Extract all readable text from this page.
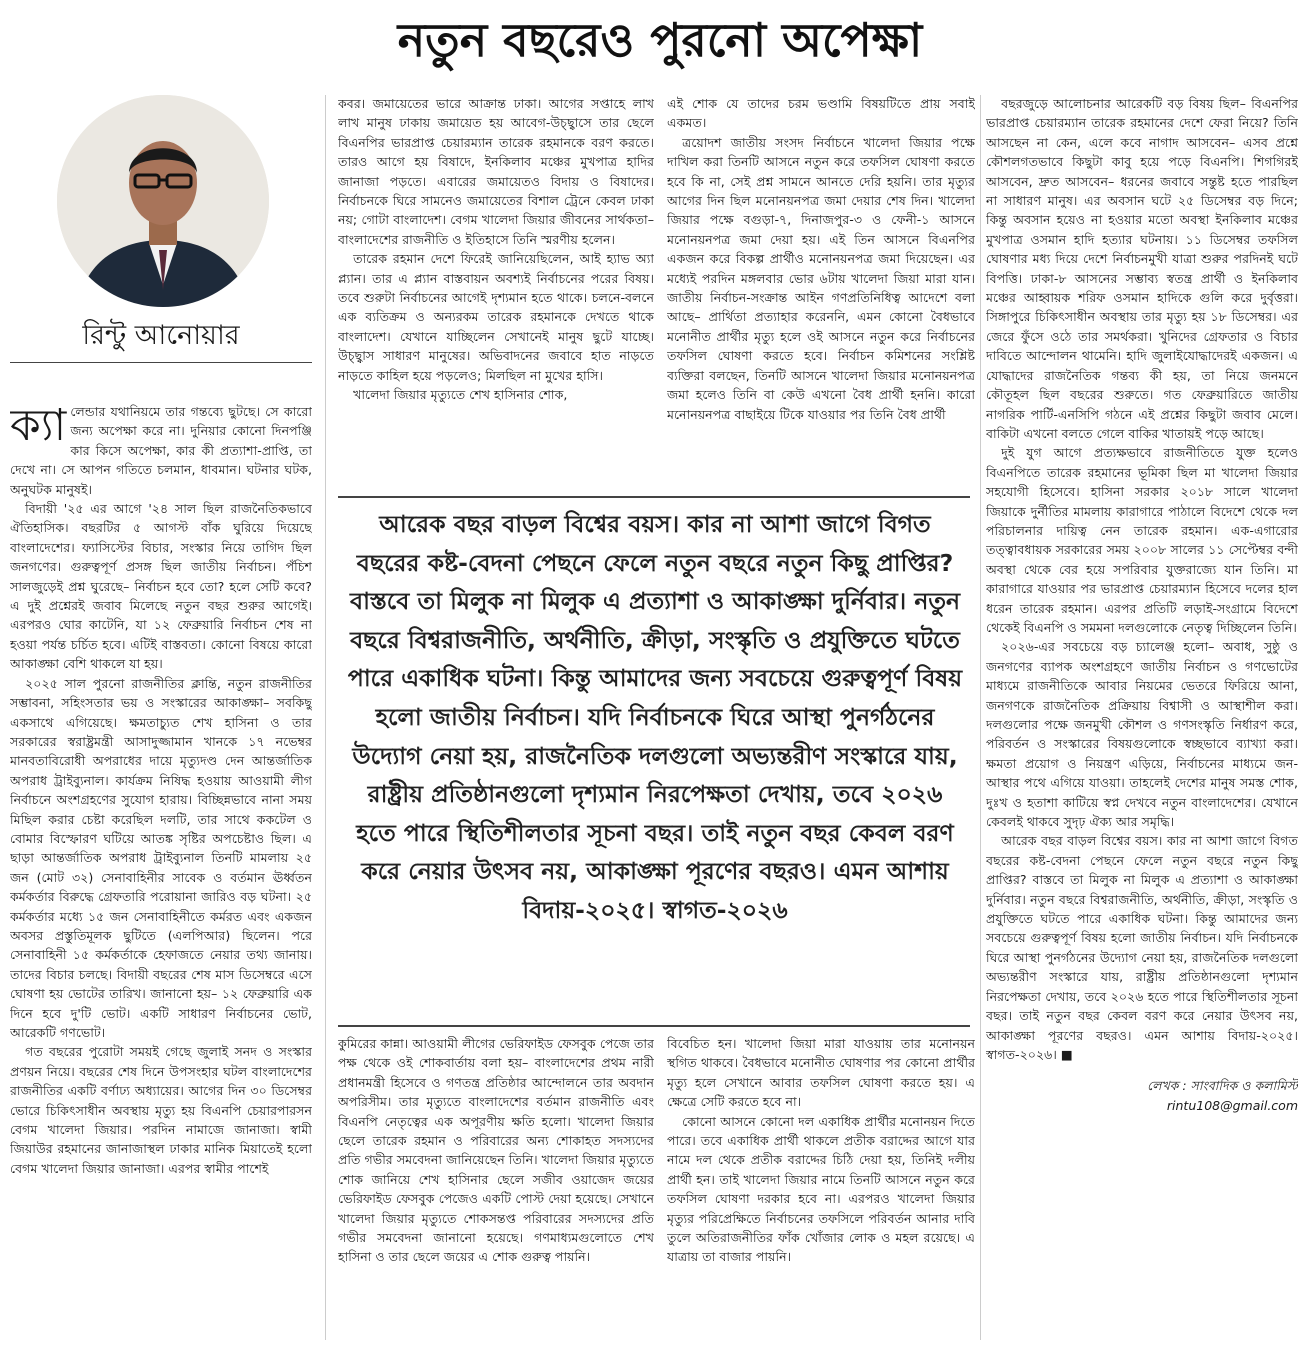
নতুন বছরেও পুরনো অপেক্ষা
রিন্টু আনোয়ার

ক্যা লেন্ডার যথানিয়মে তার গন্তব্যে ছুটছে। সে কারো জন্য অপেক্ষা করে না। দুনিয়ার কোনো দিনপঞ্জি কার কিসে অপেক্ষা, কার কী প্রত্যাশা-প্রাপ্তি, তা দেখে না। সে আপন গতিতে চলমান, ধাবমান। ঘটনার ঘটক, অনুঘটক মানুষই।

বিদায়ী '২৫ এর আগে '২৪ সাল ছিল রাজনৈতিকভাবে ঐতিহাসিক। বছরটির ৫ আগস্ট বাঁক ঘুরিয়ে দিয়েছে বাংলাদেশের। ফ্যাসিস্টের বিচার, সংস্কার নিয়ে তাগিদ ছিল জনগণের। গুরুত্বপূর্ণ প্রসঙ্গ ছিল জাতীয় নির্বাচন। পঁচিশ সালজুড়েই প্রশ্ন ঘুরেছে– নির্বাচন হবে তো? হলে সেটি কবে? এ দুই প্রশ্নেরই জবাব মিলেছে নতুন বছর শুরুর আগেই। এরপরও ঘোর কাটেনি, যা ১২ ফেব্রুয়ারি নির্বাচন শেষ না হওয়া পর্যন্ত চর্চিত হবে। এটিই বাস্তবতা। কোনো বিষয়ে কারো আকাঙ্ক্ষা বেশি থাকলে যা হয়।

২০২৫ সাল পুরনো রাজনীতির ক্লান্তি, নতুন রাজনীতির সম্ভাবনা, সহিংসতার ভয় ও সংস্কারের আকাঙ্ক্ষা– সবকিছু একসাথে এগিয়েছে। ক্ষমতাচ্যুত শেখ হাসিনা ও তার সরকারের স্বরাষ্ট্রমন্ত্রী আসাদুজ্জামান খানকে ১৭ নভেম্বর মানবতাবিরোধী অপরাধের দায়ে মৃত্যুদণ্ড দেন আন্তর্জাতিক অপরাধ ট্রাইব্যুনাল। কার্যক্রম নিষিদ্ধ হওয়ায় আওয়ামী লীগ নির্বাচনে অংশগ্রহণের সুযোগ হারায়। বিচ্ছিন্নভাবে নানা সময় মিছিল করার চেষ্টা করেছিল দলটি, তার সাথে ককটেল ও বোমার বিস্ফোরণ ঘটিয়ে আতঙ্ক সৃষ্টির অপচেষ্টাও ছিল। এ ছাড়া আন্তর্জাতিক অপরাধ ট্রাইব্যুনাল তিনটি মামলায় ২৫ জন (মোট ৩২) সেনাবাহিনীর সাবেক ও বর্তমান ঊর্ধ্বতন কর্মকর্তার বিরুদ্ধে গ্রেফতারি পরোয়ানা জারিও বড় ঘটনা। ২৫ কর্মকর্তার মধ্যে ১৫ জন সেনাবাহিনীতে কর্মরত এবং একজন অবসর প্রস্তুতিমূলক ছুটিতে (এলপিআর) ছিলেন। পরে সেনাবাহিনী ১৫ কর্মকর্তাকে হেফাজতে নেয়ার তথ্য জানায়। তাদের বিচার চলছে। বিদায়ী বছরের শেষ মাস ডিসেম্বরে এসে ঘোষণা হয় ভোটের তারিখ। জানানো হয়– ১২ ফেব্রুয়ারি এক দিনে হবে দু'টি ভোট। একটি সাধারণ নির্বাচনের ভোট, আরেকটি গণভোট।

গত বছরের পুরোটা সময়ই গেছে জুলাই সনদ ও সংস্কার প্রণয়ন নিয়ে। বছরের শেষ দিনে উপসংহার ঘটল বাংলাদেশের রাজনীতির একটি বর্ণাঢ্য অধ্যায়ের। আগের দিন ৩০ ডিসেম্বর ভোরে চিকিৎসাধীন অবস্থায় মৃত্যু হয় বিএনপি চেয়ারপারসন বেগম খালেদা জিয়ার। পরদিন নামাজে জানাজা। স্বামী জিয়াউর রহমানের জানাজাস্থল ঢাকার মানিক মিয়াতেই হলো বেগম খালেদা জিয়ার জানাজা। এরপর স্বামীর পাশেই

কবর। জমায়েতের ভারে আক্রান্ত ঢাকা। আগের সপ্তাহে লাখ লাখ মানুষ ঢাকায় জমায়েত হয় আবেগ-উচ্ছ্বাসে তার ছেলে বিএনপির ভারপ্রাপ্ত চেয়ারম্যান তারেক রহমানকে বরণ করতে। তারও আগে হয় বিষাদে, ইনকিলাব মঞ্চের মুখপাত্র হাদির জানাজা পড়তে। এবারের জমায়েতও বিদায় ও বিষাদের। নির্বাচনকে ঘিরে সামনেও জমায়েতের বিশাল ট্রেনে কেবল ঢাকা নয়; গোটা বাংলাদেশ। বেগম খালেদা জিয়ার জীবনের সার্থকতা– বাংলাদেশের রাজনীতি ও ইতিহাসে তিনি স্মরণীয় হলেন।

তারেক রহমান দেশে ফিরেই জানিয়েছিলেন, আই হ্যাভ অ্যা প্ল্যান। তার এ প্ল্যান বাস্তবায়ন অবশ্যই নির্বাচনের পরের বিষয়। তবে শুরুটা নির্বাচনের আগেই দৃশ্যমান হতে থাকে। চলনে-বলনে এক ব্যতিক্রম ও অন্যরকম তারেক রহমানকে দেখতে থাকে বাংলাদেশ। যেখানে যাচ্ছিলেন সেখানেই মানুষ ছুটে যাচ্ছে। উচ্ছ্বাস সাধারণ মানুষের। অভিবাদনের জবাবে হাত নাড়তে নাড়তে কাহিল হয়ে পড়লেও; মিলছিল না মুখের হাসি।

খালেদা জিয়ার মৃত্যুতে শেখ হাসিনার শোক,

এই শোক যে তাদের চরম ভণ্ডামি বিষয়টিতে প্রায় সবাই একমত।

ত্রয়োদশ জাতীয় সংসদ নির্বাচনে খালেদা জিয়ার পক্ষে দাখিল করা তিনটি আসনে নতুন করে তফসিল ঘোষণা করতে হবে কি না, সেই প্রশ্ন সামনে আনতে দেরি হয়নি। তার মৃত্যুর আগের দিন ছিল মনোনয়নপত্র জমা দেয়ার শেষ দিন। খালেদা জিয়ার পক্ষে বগুড়া-৭, দিনাজপুর-৩ ও ফেনী-১ আসনে মনোনয়নপত্র জমা দেয়া হয়। এই তিন আসনে বিএনপির একজন করে বিকল্প প্রার্থীও মনোনয়নপত্র জমা দিয়েছেন। এর মধ্যেই পরদিন মঙ্গলবার ভোর ৬টায় খালেদা জিয়া মারা যান। জাতীয় নির্বাচন-সংক্রান্ত আইন গণপ্রতিনিধিত্ব আদেশে বলা আছে– প্রার্থিতা প্রত্যাহার করেননি, এমন কোনো বৈধভাবে মনোনীত প্রার্থীর মৃত্যু হলে ওই আসনে নতুন করে নির্বাচনের তফসিল ঘোষণা করতে হবে। নির্বাচন কমিশনের সংশ্লিষ্ট ব্যক্তিরা বলছেন, তিনটি আসনে খালেদা জিয়ার মনোনয়নপত্র জমা হলেও তিনি বা কেউ এখনো বৈধ প্রার্থী হননি। কারো মনোনয়নপত্র বাছাইয়ে টিকে যাওয়ার পর তিনি বৈধ প্রার্থী

আরেক বছর বাড়ল বিশ্বের বয়স। কার না আশা জাগে বিগত বছরের কষ্ট-বেদনা পেছনে ফেলে নতুন বছরে নতুন কিছু প্রাপ্তির? বাস্তবে তা মিলুক না মিলুক এ প্রত্যাশা ও আকাঙ্ক্ষা দুর্নিবার। নতুন বছরে বিশ্বরাজনীতি, অর্থনীতি, ক্রীড়া, সংস্কৃতি ও প্রযুক্তিতে ঘটতে পারে একাধিক ঘটনা। কিন্তু আমাদের জন্য সবচেয়ে গুরুত্বপূর্ণ বিষয় হলো জাতীয় নির্বাচন। যদি নির্বাচনকে ঘিরে আস্থা পুনর্গঠনের উদ্যোগ নেয়া হয়, রাজনৈতিক দলগুলো অভ্যন্তরীণ সংস্কারে যায়, রাষ্ট্রীয় প্রতিষ্ঠানগুলো দৃশ্যমান নিরপেক্ষতা দেখায়, তবে ২০২৬ হতে পারে স্থিতিশীলতার সূচনা বছর। তাই নতুন বছর কেবল বরণ করে নেয়ার উৎসব নয়, আকাঙ্ক্ষা পূরণের বছরও। এমন আশায় বিদায়-২০২৫। স্বাগত-২০২৬

কুমিরের কান্না। আওয়ামী লীগের ভেরিফাইড ফেসবুক পেজে তার পক্ষ থেকে ওই শোকবার্তায় বলা হয়– বাংলাদেশের প্রথম নারী প্রধানমন্ত্রী হিসেবে ও গণতন্ত্র প্রতিষ্ঠার আন্দোলনে তার অবদান অপরিসীম। তার মৃত্যুতে বাংলাদেশের বর্তমান রাজনীতি এবং বিএনপি নেতৃত্বের এক অপূরণীয় ক্ষতি হলো। খালেদা জিয়ার ছেলে তারেক রহমান ও পরিবারের অন্য শোকাহত সদস্যদের প্রতি গভীর সমবেদনা জানিয়েছেন তিনি। খালেদা জিয়ার মৃত্যুতে শোক জানিয়ে শেখ হাসিনার ছেলে সজীব ওয়াজেদ জয়ের ভেরিফাইড ফেসবুক পেজেও একটি পোস্ট দেয়া হয়েছে। সেখানে খালেদা জিয়ার মৃত্যুতে শোকসন্তপ্ত পরিবারের সদস্যদের প্রতি গভীর সমবেদনা জানানো হয়েছে। গণমাধ্যমগুলোতে শেখ হাসিনা ও তার ছেলে জয়ের এ শোক গুরুত্ব পায়নি।

বিবেচিত হন। খালেদা জিয়া মারা যাওয়ায় তার মনোনয়ন স্থগিত থাকবে। বৈধভাবে মনোনীত ঘোষণার পর কোনো প্রার্থীর মৃত্যু হলে সেখানে আবার তফসিল ঘোষণা করতে হয়। এ ক্ষেত্রে সেটি করতে হবে না।

কোনো আসনে কোনো দল একাধিক প্রার্থীর মনোনয়ন দিতে পারে। তবে একাধিক প্রার্থী থাকলে প্রতীক বরাদ্দের আগে যার নামে দল থেকে প্রতীক বরাদ্দের চিঠি দেয়া হয়, তিনিই দলীয় প্রার্থী হন। তাই খালেদা জিয়ার নামে তিনটি আসনে নতুন করে তফসিল ঘোষণা দরকার হবে না। এরপরও খালেদা জিয়ার মৃত্যুর পরিপ্রেক্ষিতে নির্বাচনের তফসিলে পরিবর্তন আনার দাবি তুলে অতিরাজনীতির ফাঁক খোঁজার লোক ও মহল রয়েছে। এ যাত্রায় তা বাজার পায়নি।

বছরজুড়ে আলোচনার আরেকটি বড় বিষয় ছিল– বিএনপির ভারপ্রাপ্ত চেয়ারম্যান তারেক রহমানের দেশে ফেরা নিয়ে? তিনি আসছেন না কেন, এলে কবে নাগাদ আসবেন– এসব প্রশ্নে কৌশলগতভাবে কিছুটা কাবু হয়ে পড়ে বিএনপি। শিগগিরই আসবেন, দ্রুত আসবেন– ধরনের জবাবে সন্তুষ্ট হতে পারছিল না সাধারণ মানুষ। এর অবসান ঘটে ২৫ ডিসেম্বর বড় দিনে; কিন্তু অবসান হয়েও না হওয়ার মতো অবস্থা ইনকিলাব মঞ্চের মুখপাত্র ওসমান হাদি হত্যার ঘটনায়। ১১ ডিসেম্বর তফসিল ঘোষণার মধ্য দিয়ে দেশে নির্বাচনমুখী যাত্রা শুরুর পরদিনই ঘটে বিপত্তি। ঢাকা-৮ আসনের সম্ভাব্য স্বতন্ত্র প্রার্থী ও ইনকিলাব মঞ্চের আহ্বায়ক শরিফ ওসমান হাদিকে গুলি করে দুর্বৃত্তরা। সিঙ্গাপুরে চিকিৎসাধীন অবস্থায় তার মৃত্যু হয় ১৮ ডিসেম্বর। এর জেরে ফুঁসে ওঠে তার সমর্থকরা। খুনিদের গ্রেফতার ও বিচার দাবিতে আন্দোলন থামেনি। হাদি জুলাইযোদ্ধাদেরই একজন। এ যোদ্ধাদের রাজনৈতিক গন্তব্য কী হয়, তা নিয়ে জনমনে কৌতূহল ছিল বছরের শুরুতে। গত ফেব্রুয়ারিতে জাতীয় নাগরিক পার্টি-এনসিপি গঠনে এই প্রশ্নের কিছুটা জবাব মেলে। বাকিটা এখনো বলতে গেলে বাকির খাতায়ই পড়ে আছে।

দুই যুগ আগে প্রত্যক্ষভাবে রাজনীতিতে যুক্ত হলেও বিএনপিতে তারেক রহমানের ভূমিকা ছিল মা খালেদা জিয়ার সহযোগী হিসেবে। হাসিনা সরকার ২০১৮ সালে খালেদা জিয়াকে দুর্নীতির মামলায় কারাগারে পাঠালে বিদেশে থেকে দল পরিচালনার দায়িত্ব নেন তারেক রহমান। এক-এগারোর তত্ত্বাবধায়ক সরকারের সময় ২০০৮ সালের ১১ সেপ্টেম্বর বন্দী অবস্থা থেকে বের হয়ে সপরিবার যুক্তরাজ্যে যান তিনি। মা কারাগারে যাওয়ার পর ভারপ্রাপ্ত চেয়ারম্যান হিসেবে দলের হাল ধরেন তারেক রহমান। এরপর প্রতিটি লড়াই-সংগ্রামে বিদেশে থেকেই বিএনপি ও সমমনা দলগুলোকে নেতৃত্ব দিচ্ছিলেন তিনি।

২০২৬-এর সবচেয়ে বড় চ্যালেঞ্জ হলো– অবাধ, সুষ্ঠু ও জনগণের ব্যাপক অংশগ্রহণে জাতীয় নির্বাচন ও গণভোটের মাধ্যমে রাজনীতিকে আবার নিয়মের ভেতরে ফিরিয়ে আনা, জনগণকে রাজনৈতিক প্রক্রিয়ায় বিশ্বাসী ও আস্থাশীল করা। দলগুলোর পক্ষে জনমুখী কৌশল ও গণসংস্কৃতি নির্ধারণ করে, পরিবর্তন ও সংস্কারের বিষয়গুলোকে স্বচ্ছভাবে ব্যাখ্যা করা। ক্ষমতা প্রয়োগ ও নিয়ন্ত্রণ এড়িয়ে, নির্বাচনের মাধ্যমে জন-আস্থার পথে এগিয়ে যাওয়া। তাহলেই দেশের মানুষ সমস্ত শোক, দুঃখ ও হতাশা কাটিয়ে স্বপ্ন দেখবে নতুন বাংলাদেশের। যেখানে কেবলই থাকবে সুদৃঢ় ঐক্য আর সমৃদ্ধি।

আরেক বছর বাড়ল বিশ্বের বয়স। কার না আশা জাগে বিগত বছরের কষ্ট-বেদনা পেছনে ফেলে নতুন বছরে নতুন কিছু প্রাপ্তির? বাস্তবে তা মিলুক না মিলুক এ প্রত্যাশা ও আকাঙ্ক্ষা দুর্নিবার। নতুন বছরে বিশ্বরাজনীতি, অর্থনীতি, ক্রীড়া, সংস্কৃতি ও প্রযুক্তিতে ঘটতে পারে একাধিক ঘটনা। কিন্তু আমাদের জন্য সবচেয়ে গুরুত্বপূর্ণ বিষয় হলো জাতীয় নির্বাচন। যদি নির্বাচনকে ঘিরে আস্থা পুনর্গঠনের উদ্যোগ নেয়া হয়, রাজনৈতিক দলগুলো অভ্যন্তরীণ সংস্কারে যায়, রাষ্ট্রীয় প্রতিষ্ঠানগুলো দৃশ্যমান নিরপেক্ষতা দেখায়, তবে ২০২৬ হতে পারে স্থিতিশীলতার সূচনা বছর। তাই নতুন বছর কেবল বরণ করে নেয়ার উৎসব নয়, আকাঙ্ক্ষা পূরণের বছরও। এমন আশায় বিদায়-২০২৫। স্বাগত-২০২৬। ■

লেখক : সাংবাদিক ও কলামিস্ট
rintu108@gmail.com
